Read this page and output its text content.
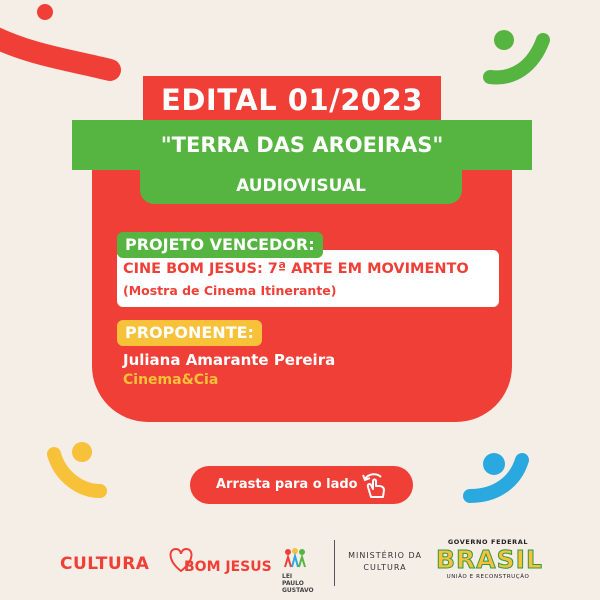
EDITAL 01/2023
"TERRA DAS AROEIRAS"
AUDIOVISUAL
PROJETO VENCEDOR:
CINE BOM JESUS: 7ª ARTE EM MOVIMENTO
(Mostra de Cinema Itinerante)
PROPONENTE:
Juliana Amarante Pereira
Cinema&Cia
Arrasta para o lado
CULTURA BOM JESUS
LEI PAULO GUSTAVO
MINISTÉRIO DA
CULTURA
GOVERNO FEDERAL
BRASIL
UNIÃO E RECONSTRUÇÃO
